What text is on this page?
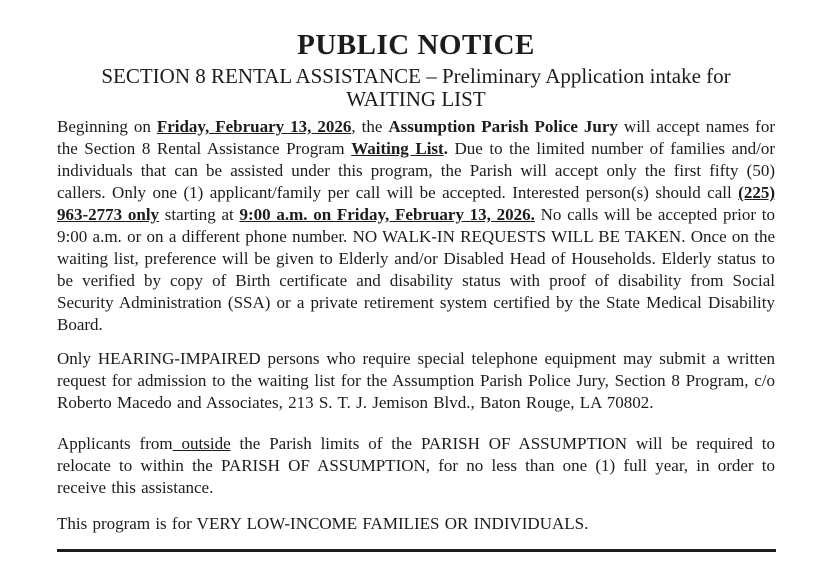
PUBLIC NOTICE
SECTION 8 RENTAL ASSISTANCE – Preliminary Application intake for
WAITING LIST

Beginning on Friday, February 13, 2026, the Assumption Parish Police Jury will accept names for the Section 8 Rental Assistance Program Waiting List. Due to the limited number of families and/or individuals that can be assisted under this program, the Parish will accept only the first fifty (50) callers. Only one (1) applicant/family per call will be accepted. Interested person(s) should call (225) 963-2773 only starting at 9:00 a.m. on Friday, February 13, 2026. No calls will be accepted prior to 9:00 a.m. or on a different phone number. NO WALK-IN REQUESTS WILL BE TAKEN. Once on the waiting list, preference will be given to Elderly and/or Disabled Head of Households. Elderly status to be verified by copy of Birth certificate and disability status with proof of disability from Social Security Administration (SSA) or a private retirement system certified by the State Medical Disability Board.

Only HEARING-IMPAIRED persons who require special telephone equipment may submit a written request for admission to the waiting list for the Assumption Parish Police Jury, Section 8 Program, c/o Roberto Macedo and Associates, 213 S. T. J. Jemison Blvd., Baton Rouge, LA 70802.

Applicants from outside the Parish limits of the PARISH OF ASSUMPTION will be required to relocate to within the PARISH OF ASSUMPTION, for no less than one (1) full year, in order to receive this assistance.

This program is for VERY LOW-INCOME FAMILIES OR INDIVIDUALS.
